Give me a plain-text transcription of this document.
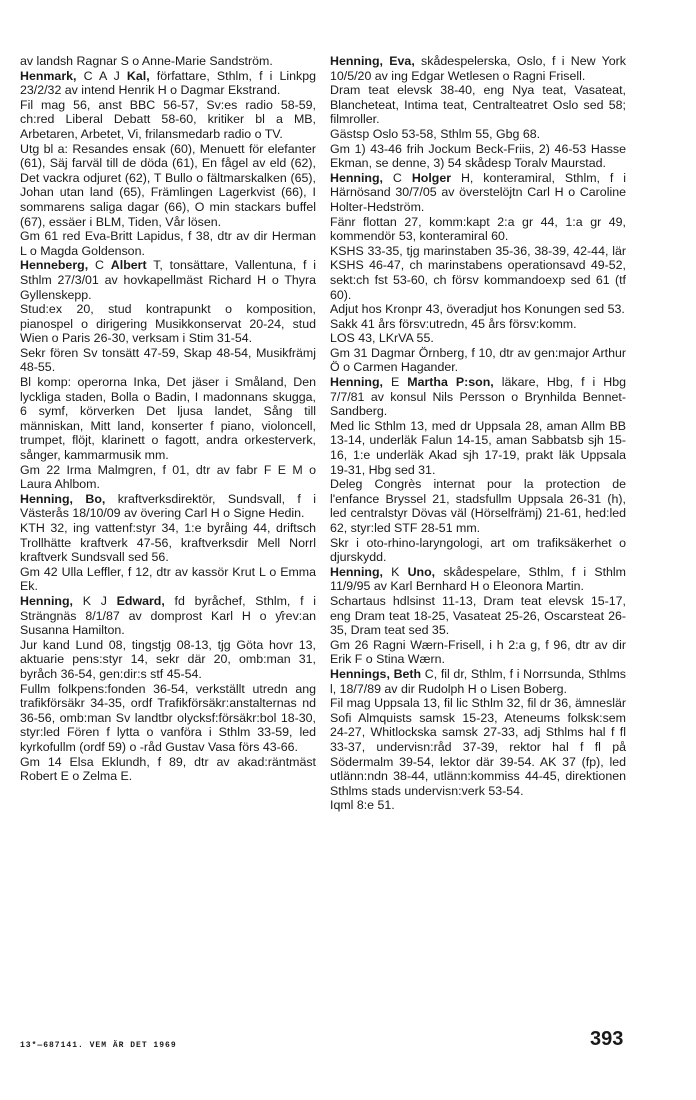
av landsh Ragnar S o Anne-Marie Sandström.

Henmark, C A J Kal, författare, Sthlm, f i Linkpg 23/2/32 av intend Henrik H o Dagmar Ekstrand.

Fil mag 56, anst BBC 56-57, Sv:es radio 58-59, ch:red Liberal Debatt 58-60, kritiker bl a MB, Arbetaren, Arbetet, Vi, frilansmedarb radio o TV.

Utg bl a: Resandes ensak (60), Menuett för elefanter (61), Säj farväl till de döda (61), En fågel av eld (62), Det vackra odjuret (62), T Bullo o fältmarskalken (65), Johan utan land (65), Främlingen Lagerkvist (66), I sommarens saliga dagar (66), O min stackars buffel (67), essäer i BLM, Tiden, Vår lösen.

Gm 61 red Eva-Britt Lapidus, f 38, dtr av dir Herman L o Magda Goldenson.

Henneberg, C Albert T, tonsättare, Vallentuna, f i Sthlm 27/3/01 av hovkapellmäst Richard H o Thyra Gyllenskepp.

Stud:ex 20, stud kontrapunkt o komposition, pianospel o dirigering Musikkonservat 20-24, stud Wien o Paris 26-30, verksam i Stim 31-54.

Sekr fören Sv tonsätt 47-59, Skap 48-54, Musikfrämj 48-55.

Bl komp: operorna Inka, Det jäser i Småland, Den lyckliga staden, Bolla o Badin, I madonnans skugga, 6 symf, körverken Det ljusa landet, Sång till människan, Mitt land, konserter f piano, violoncell, trumpet, flöjt, klarinett o fagott, andra orkesterverk, sånger, kammarmusik mm.

Gm 22 Irma Malmgren, f 01, dtr av fabr F E M o Laura Ahlbom.

Henning, Bo, kraftverksdirektör, Sundsvall, f i Västerås 18/10/09 av övering Carl H o Signe Hedin.

KTH 32, ing vattenf:styr 34, 1:e byråing 44, driftsch Trollhätte kraftverk 47-56, kraftverksdir Mell Norrl kraftverk Sundsvall sed 56.

Gm 42 Ulla Leffler, f 12, dtr av kassör Krut L o Emma Ek.

Henning, K J Edward, fd byråchef, Sthlm, f i Strängnäs 8/1/87 av domprost Karl H o ƴrev:an Susanna Hamilton.

Jur kand Lund 08, tingstjg 08-13, tjg Göta hovr 13, aktuarie pens:styr 14, sekr där 20, omb:man 31, byråch 36-54, gen:dir:s stf 45-54.

Fullm folkpens:fonden 36-54, verkställt utredn ang trafikförsäkr 34-35, ordf Trafikförsäkr:anstalternas nd 36-56, omb:man Sv landtbr olycksf:försäkr:bol 18-30, styr:led Fören f lytta o vanföra i Sthlm 33-59, led kyrkofullm (ordf 59) o -råd Gustav Vasa förs 43-66.

Gm 14 Elsa Eklundh, f 89, dtr av akad:räntmäst Robert E o Zelma E.

Henning, Eva, skådespelerska, Oslo, f i New York 10/5/20 av ing Edgar Wetlesen o Ragni Frisell.

Dram teat elevsk 38-40, eng Nya teat, Vasateat, Blancheteat, Intima teat, Centralteatret Oslo sed 58; filmroller.

Gästsp Oslo 53-58, Sthlm 55, Gbg 68.

Gm 1) 43-46 frih Jockum Beck-Friis, 2) 46-53 Hasse Ekman, se denne, 3) 54 skådesp Toralv Maurstad.

Henning, C Holger H, konteramiral, Sthlm, f i Härnösand 30/7/05 av överstelöjtn Carl H o Caroline Holter-Hedström.

Fänr flottan 27, komm:kapt 2:a gr 44, 1:a gr 49, kommendör 53, konteramiral 60.

KSHS 33-35, tjg marinstaben 35-36, 38-39, 42-44, lär KSHS 46-47, ch marinstabens operationsavd 49-52, sekt:ch fst 53-60, ch försv kommandoexp sed 61 (tf 60).

Adjut hos Kronpr 43, överadjut hos Konungen sed 53.

Sakk 41 års försv:utredn, 45 års försv:komm.

LOS 43, LKrVA 55.

Gm 31 Dagmar Örnberg, f 10, dtr av gen:major Arthur Ö o Carmen Hagander.

Henning, E Martha P:son, läkare, Hbg, f i Hbg 7/7/81 av konsul Nils Persson o Brynhilda Bennet-Sandberg.

Med lic Sthlm 13, med dr Uppsala 28, aman Allm BB 13-14, underläk Falun 14-15, aman Sabbatsb sjh 15-16, 1:e underläk Akad sjh 17-19, prakt läk Uppsala 19-31, Hbg sed 31.

Deleg Congrès internat pour la protection de l'enfance Bryssel 21, stadsfullm Uppsala 26-31 (h), led centralstyr Dövas väl (Hörselfrämj) 21-61, hed:led 62, styr:led STF 28-51 mm.

Skr i oto-rhino-laryngologi, art om trafiksäkerhet o djurskydd.

Henning, K Uno, skådespelare, Sthlm, f i Sthlm 11/9/95 av Karl Bernhard H o Eleonora Martin.

Schartaus hdlsinst 11-13, Dram teat elevsk 15-17, eng Dram teat 18-25, Vasateat 25-26, Oscarsteat 26-35, Dram teat sed 35.

Gm 26 Ragni Wærn-Frisell, i h 2:a g, f 96, dtr av dir Erik F o Stina Wærn.

Hennings, Beth C, fil dr, Sthlm, f i Norrsunda, Sthlms l, 18/7/89 av dir Rudolph H o Lisen Boberg.

Fil mag Uppsala 13, fil lic Sthlm 32, fil dr 36, ämneslär Sofi Almquists samsk 15-23, Ateneums folksk:sem 24-27, Whitlockska samsk 27-33, adj Sthlms hal f fl 33-37, undervisn:råd 37-39, rektor hal f fl på Södermalm 39-54, lektor där 39-54. AK 37 (fp), led utlänn:ndn 38-44, utlänn:kommiss 44-45, direktionen Sthlms stads undervisn:verk 53-54.

Iqml 8:e 51.

13*—687141. VEM ÄR DET 1969	393
